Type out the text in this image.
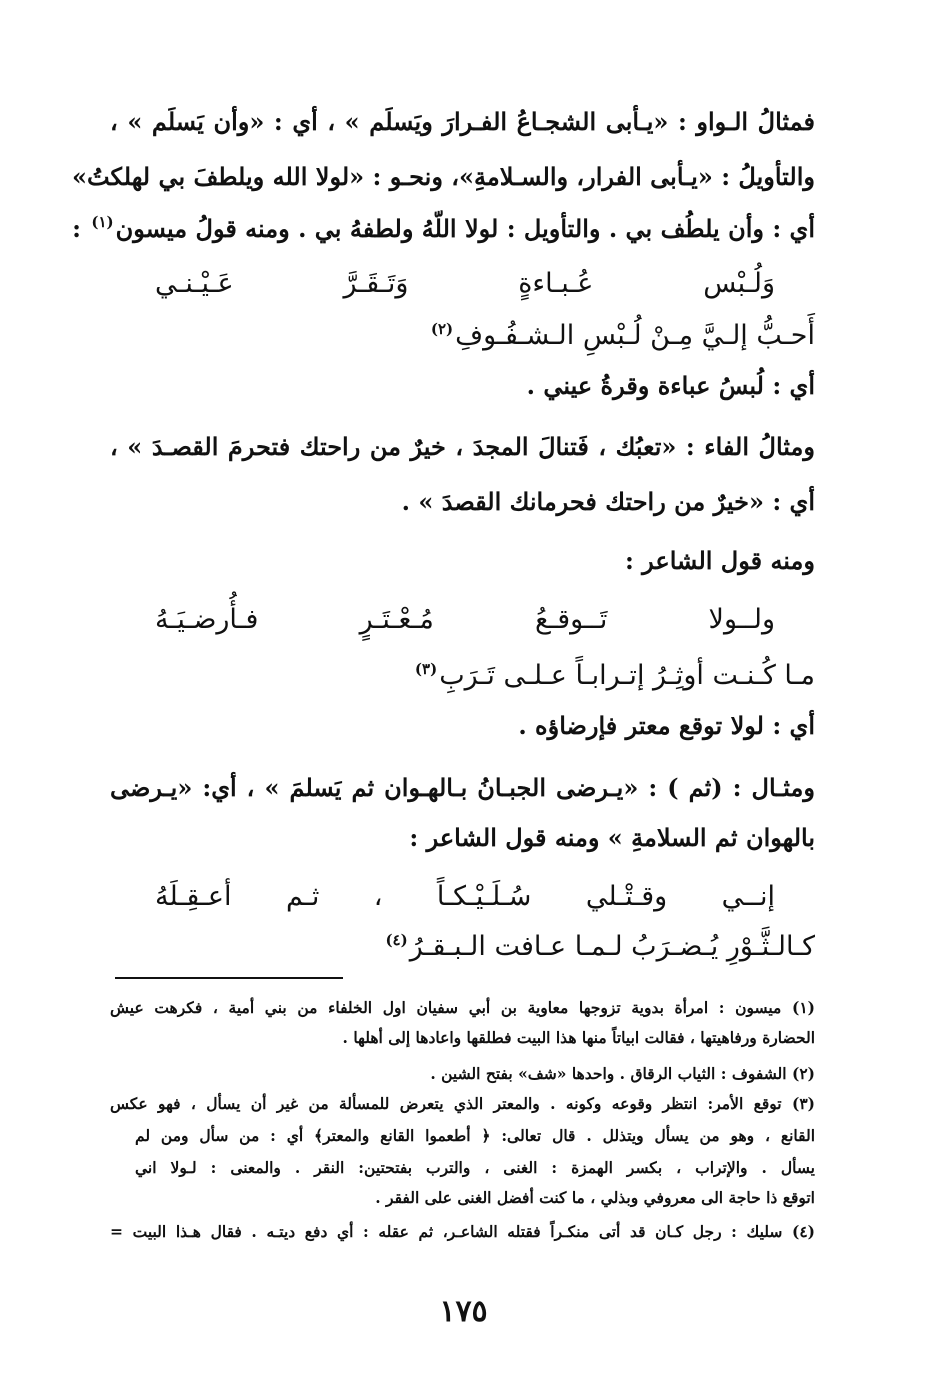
فمثالُ الـواو : «يـأبى الشجـاعُ الفـرارَ ويَسلَم » ، أي : «وأن يَسلَم » ،
والتأويلُ : «يـأبى الفرار، والسـلامةِ»، ونحـو : «لولا الله ويلطفَ بي لهلكتُ»
أي : وأن يلطُف بي . والتأويل : لولا اللّهُ ولطفهُ بي . ومنه قولُ ميسون$^{(١)}$ :
وَلُـبْس عُـبـاءةٍ وَتَـقَـرَّ عَـيْـنـي
أَحـبُّ إلـيَّ مِـنْ لُـبْسِ الـشـفُـوفِ$^{(٢)}$
أي : لُبسُ عباءة وقرةُ عيني .
ومثالُ الفاء : «تعبُك ، فَتنالَ المجدَ ، خيرٌ من راحتك فتحرمَ القصـدَ » ،
أي : «خيرٌ من راحتك فحرمانك القصدَ » .
ومنه قول الشاعر :
ولــولا تَــوقـعُ مُـعْـتَـرٍ فـأُرضـيَـهُ
مـا كُـنـت أوثِـرُ إتـرابـاً عـلـى تَـرَبِ$^{(٣)}$
أي : لولا توقع معتر فإرضاؤه .
ومثـال : (ثم ) : «يـرضى الجبـانُ بـالهـوان ثم يَسلمَ » ، أي: «يـرضى
بالهوان ثم السلامةِ » ومنه قول الشاعر :
إنــي وقـتْـلي سُـلَـيْـكـاً ، ثـم أعـقِـلَهُ
كـالـثَّـوْرِ يُـضـرَبُ لـمـا عـافت الـبـقـرُ$^{(٤)}$
(١) ميسون : امرأة بدوية تزوجها معاوية بن أبي سفيان اول الخلفاء من بني أمية ، فكرهت عيش
الحضارة ورفاهيتها ، فقالت ابياتاً منها هذا البيت فطلقها واعادها إلى أهلها .
(٢) الشفوف : الثياب الرقاق . واحدها «شف» بفتح الشين .
(٣) توقع الأمر: انتظر وقوعه وكونه . والمعتر الذي يتعرض للمسألة من غير أن يسأل ، فهو عكس
القانع ، وهو من يسأل ويتذلل . قال تعالى: ﴿ أطعموا القانع والمعتر﴾ أي : من سأل ومن لم
يسأل . والإتراب ، بكسر الهمزة : الغنى ، والترب بفتحتين: النقر . والمعنى : لـولا اني
اتوقع ذا حاجة الى معروفي وبذلي ، ما كنت أفضل الغنى على الفقر .
(٤) سليك : رجل كـان قد أتى منكـراً فقتله الشاعـر، ثم عقله : أي دفع ديتـه . فقال هـذا البيت =
١٧٥
